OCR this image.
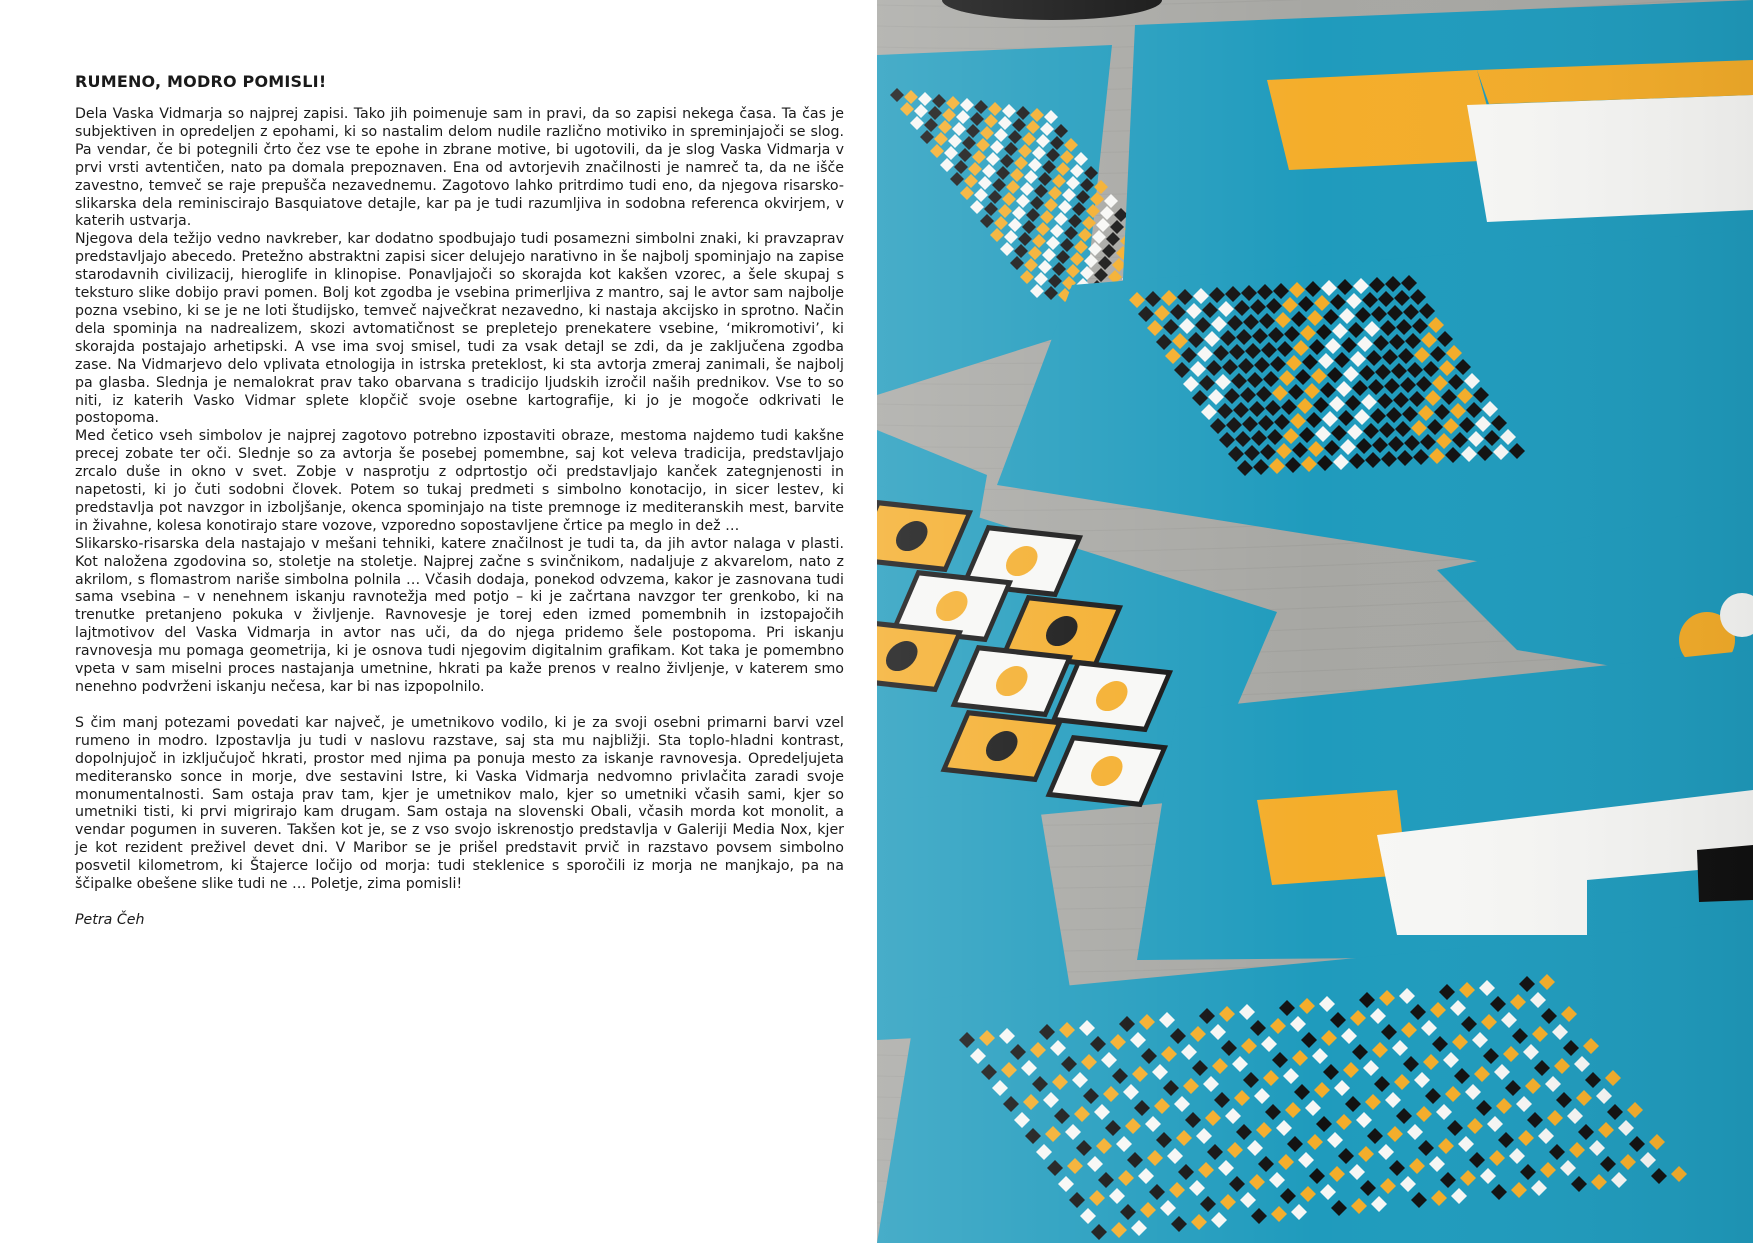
RUMENO, MODRO POMISLI!

Dela Vaska Vidmarja so najprej zapisi. Tako jih poimenuje sam in pravi, da so zapisi nekega časa. Ta čas je subjektiven in opredeljen z epohami, ki so nastalim delom nudile različno motiviko in spreminjajoči se slog. Pa vendar, če bi potegnili črto čez vse te epohe in zbrane motive, bi ugotovili, da je slog Vaska Vidmarja v prvi vrsti avtentičen, nato pa domala prepoznaven. Ena od avtorjevih značilnosti je namreč ta, da ne išče zavestno, temveč se raje prepušča nezavednemu. Zagotovo lahko pritrdimo tudi eno, da njegova risarsko-slikarska dela reminiscirajo Basquiatove detajle, kar pa je tudi razumljiva in sodobna referenca okvirjem, v katerih ustvarja.

Njegova dela težijo vedno navkreber, kar dodatno spodbujajo tudi posamezni simbolni znaki, ki pravzaprav predstavljajo abecedo. Pretežno abstraktni zapisi sicer delujejo narativno in še najbolj spominjajo na zapise starodavnih civilizacij, hieroglife in klinopise. Ponavljajoči so skorajda kot kakšen vzorec, a šele skupaj s teksturo slike dobijo pravi pomen. Bolj kot zgodba je vsebina primerljiva z mantro, saj le avtor sam najbolje pozna vsebino, ki se je ne loti študijsko, temveč največkrat nezavedno, ki nastaja akcijsko in sprotno. Način dela spominja na nadrealizem, skozi avtomatičnost se prepletejo prenekatere vsebine, ‘mikromotivi’, ki skorajda postajajo arhetipski. A vse ima svoj smisel, tudi za vsak detajl se zdi, da je zaključena zgodba zase. Na Vidmarjevo delo vplivata etnologija in istrska preteklost, ki sta avtorja zmeraj zanimali, še najbolj pa glasba. Slednja je nemalokrat prav tako obarvana s tradicijo ljudskih izročil naših prednikov. Vse to so niti, iz katerih Vasko Vidmar splete klopčič svoje osebne kartografije, ki jo je mogoče odkrivati le postopoma.

Med četico vseh simbolov je najprej zagotovo potrebno izpostaviti obraze, mestoma najdemo tudi kakšne precej zobate ter oči. Slednje so za avtorja še posebej pomembne, saj kot veleva tradicija, predstavljajo zrcalo duše in okno v svet. Zobje v nasprotju z odprtostjo oči predstavljajo kanček zategnjenosti in napetosti, ki jo čuti sodobni človek. Potem so tukaj predmeti s simbolno konotacijo, in sicer lestev, ki predstavlja pot navzgor in izboljšanje, okenca spominjajo na tiste premnoge iz mediteranskih mest, barvite in živahne, kolesa konotirajo stare vozove, vzporedno sopostavljene črtice pa meglo in dež …

Slikarsko-risarska dela nastajajo v mešani tehniki, katere značilnost je tudi ta, da jih avtor nalaga v plasti. Kot naložena zgodovina so, stoletje na stoletje. Najprej začne s svinčnikom, nadaljuje z akvarelom, nato z akrilom, s flomastrom nariše simbolna polnila … Včasih dodaja, ponekod odvzema, kakor je zasnovana tudi sama vsebina – v nenehnem iskanju ravnotežja med potjo – ki je začrtana navzgor ter grenkobo, ki na trenutke pretanjeno pokuka v življenje. Ravnovesje je torej eden izmed pomembnih in izstopajočih lajtmotivov del Vaska Vidmarja in avtor nas uči, da do njega pridemo šele postopoma. Pri iskanju ravnovesja mu pomaga geometrija, ki je osnova tudi njegovim digitalnim grafikam. Kot taka je pomembno vpeta v sam miselni proces nastajanja umetnine, hkrati pa kaže prenos v realno življenje, v katerem smo nenehno podvrženi iskanju nečesa, kar bi nas izpopolnilo.

S čim manj potezami povedati kar največ, je umetnikovo vodilo, ki je za svoji osebni primarni barvi vzel rumeno in modro. Izpostavlja ju tudi v naslovu razstave, saj sta mu najbližji. Sta toplo-hladni kontrast, dopolnjujoč in izključujoč hkrati, prostor med njima pa ponuja mesto za iskanje ravnovesja. Opredeljujeta mediteransko sonce in morje, dve sestavini Istre, ki Vaska Vidmarja nedvomno privlačita zaradi svoje monumentalnosti. Sam ostaja prav tam, kjer je umetnikov malo, kjer so umetniki včasih sami, kjer so umetniki tisti, ki prvi migrirajo kam drugam. Sam ostaja na slovenski Obali, včasih morda kot monolit, a vendar pogumen in suveren. Takšen kot je, se z vso svojo iskrenostjo predstavlja v Galeriji Media Nox, kjer je kot rezident preživel devet dni. V Maribor se je prišel predstavit prvič in razstavo povsem simbolno posvetil kilometrom, ki Štajerce ločijo od morja: tudi steklenice s sporočili iz morja ne manjkajo, pa na ščipalke obešene slike tudi ne … Poletje, zima pomisli!

Petra Čeh
